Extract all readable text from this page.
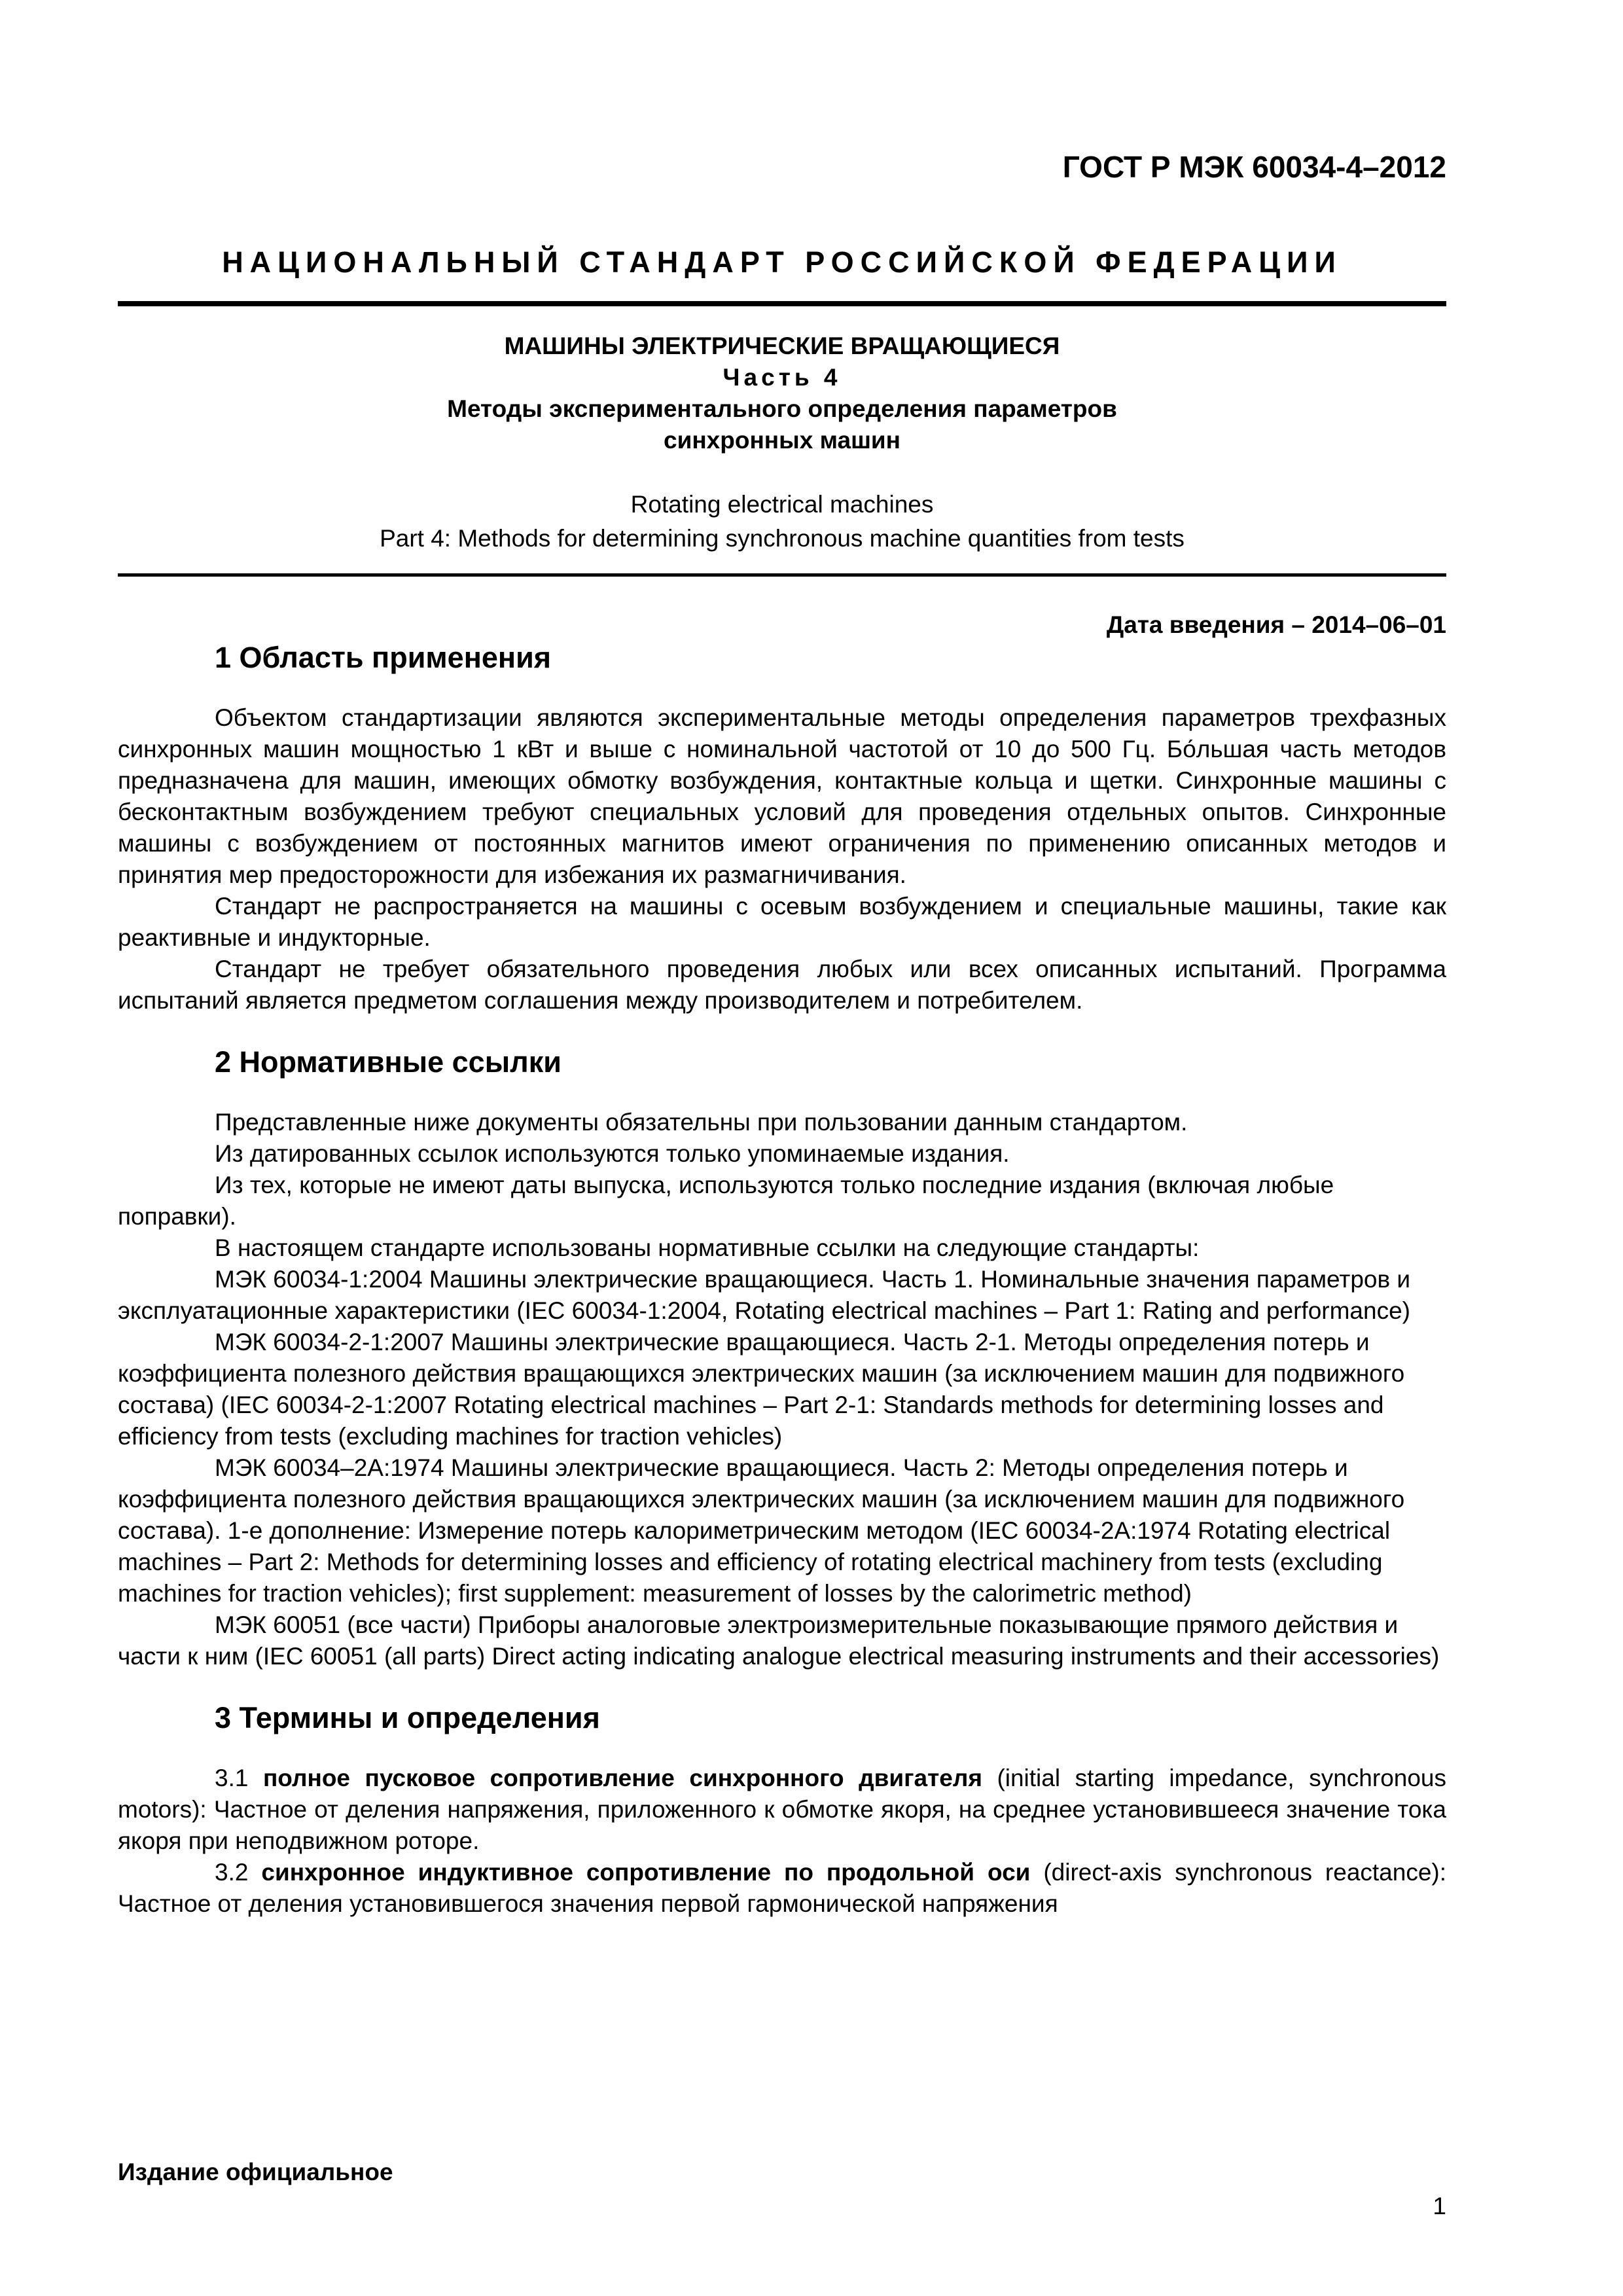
ГОСТ Р МЭК 60034-4–2012
НАЦИОНАЛЬНЫЙ СТАНДАРТ РОССИЙСКОЙ ФЕДЕРАЦИИ
МАШИНЫ ЭЛЕКТРИЧЕСКИЕ ВРАЩАЮЩИЕСЯ
Часть 4
Методы экспериментального определения параметров
синхронных машин
Rotating electrical machines
Part 4: Methods for determining synchronous machine quantities from tests
Дата введения – 2014–06–01
1 Область применения

Объектом стандартизации являются экспериментальные методы определения параметров трехфазных синхронных машин мощностью 1 кВт и выше с номинальной частотой от 10 до 500 Гц. Бо́льшая часть методов предназначена для машин, имеющих обмотку возбуждения, контактные кольца и щетки. Синхронные машины с бесконтактным возбуждением требуют специальных условий для проведения отдельных опытов. Синхронные машины с возбуждением от постоянных магнитов имеют ограничения по применению описанных методов и принятия мер предосторожности для избежания их размагничивания.

Стандарт не распространяется на машины с осевым возбуждением и специальные машины, такие как реактивные и индукторные.

Стандарт не требует обязательного проведения любых или всех описанных испытаний. Программа испытаний является предметом соглашения между производителем и потребителем.

2 Нормативные ссылки

Представленные ниже документы обязательны при пользовании данным стандартом.

Из датированных ссылок используются только упоминаемые издания.

Из тех, которые не имеют даты выпуска, используются только последние издания (включая любые поправки).

В настоящем стандарте использованы нормативные ссылки на следующие стандарты:

МЭК 60034-1:2004 Машины электрические вращающиеся. Часть 1. Номинальные значения параметров и эксплуатационные характеристики (IEC 60034-1:2004, Rotating electrical machines – Part 1: Rating and performance)

МЭК 60034-2-1:2007 Машины электрические вращающиеся. Часть 2-1. Методы определения потерь и коэффициента полезного действия вращающихся электрических машин (за исключением машин для подвижного состава) (IEC 60034-2-1:2007 Rotating electrical machines – Part 2-1: Standards methods for determining losses and efficiency from tests (excluding machines for traction vehicles)

МЭК 60034–2А:1974 Машины электрические вращающиеся. Часть 2: Методы определения потерь и коэффициента полезного действия вращающихся электрических машин (за исключением машин для подвижного состава). 1-е дополнение: Измерение потерь калориметрическим методом (IEC 60034-2A:1974 Rotating electrical machines – Part 2: Methods for determining losses and efficiency of rotating electrical machinery from tests (excluding machines for traction vehicles); first supplement: measurement of losses by the calorimetric method)

МЭК 60051 (все части) Приборы аналоговые электроизмерительные показывающие прямого действия и части к ним (IEC 60051 (all parts) Direct acting indicating analogue electrical measuring instruments and their accessories)

3 Термины и определения

3.1 полное пусковое сопротивление синхронного двигателя (initial starting impedance, synchronous motors): Частное от деления напряжения, приложенного к обмотке якоря, на среднее установившееся значение тока якоря при неподвижном роторе.

3.2 синхронное индуктивное сопротивление по продольной оси (direct-axis synchronous reactance): Частное от деления установившегося значения первой гармонической напряжения

Издание официальное
1
